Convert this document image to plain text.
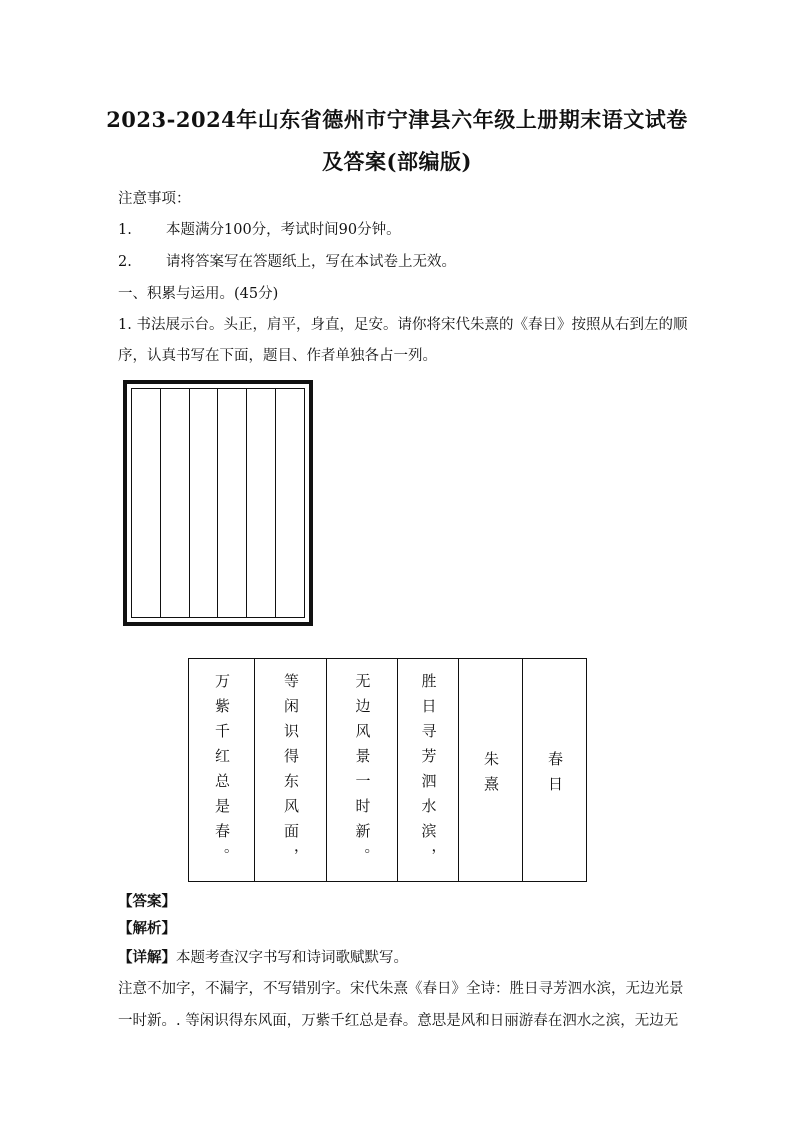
2023-2024年山东省德州市宁津县六年级上册期末语文试卷
及答案(部编版)
注意事项：
1. 本题满分100分，考试时间90分钟。
2. 请将答案写在答题纸上，写在本试卷上无效。
一、积累与运用。(45分)
1. 书法展示台。头正，肩平，身直，足安。请你将宋代朱熹的《春日》按照从右到左的顺
序，认真书写在下面，题目、作者单独各占一列。
万紫千红总是春。	等闲识得东风面，	无边风景一时新。	胜日寻芳泗水滨，	朱熹	春日
【答案】
【解析】
【详解】本题考查汉字书写和诗词歌赋默写。
注意不加字，不漏字，不写错别字。宋代朱熹《春日》全诗：胜日寻芳泗水滨，无边光景
一时新。. 等闲识得东风面，万紫千红总是春。意思是风和日丽游春在泗水之滨，无边无
